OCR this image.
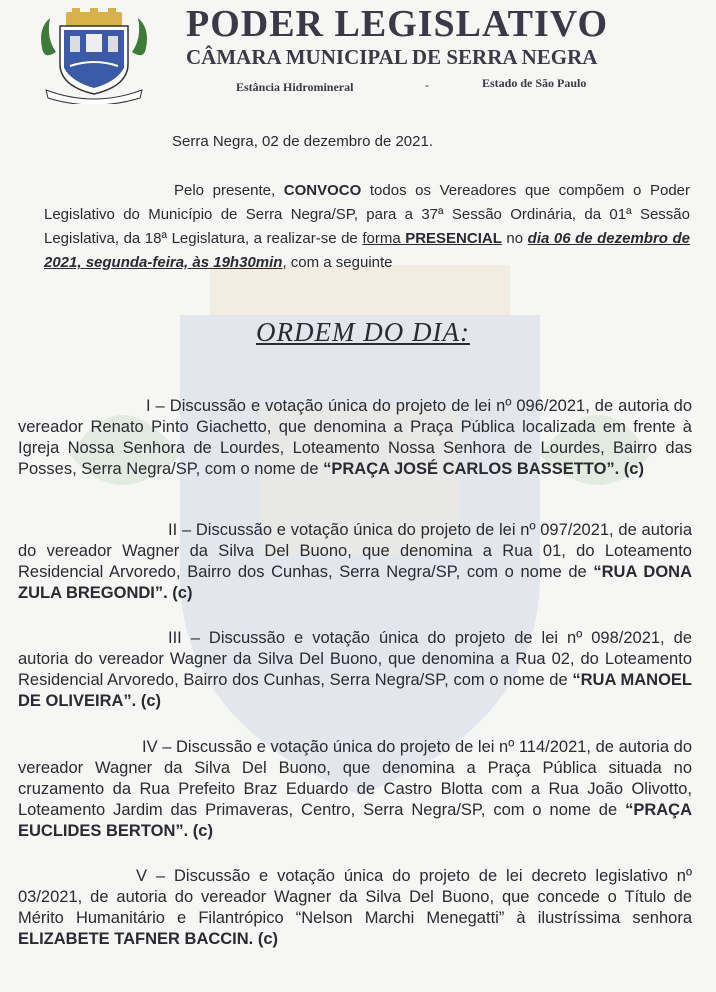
PODER LEGISLATIVO
CÂMARA MUNICIPAL DE SERRA NEGRA
Estância Hidromineral	-	Estado de São Paulo
Serra Negra, 02 de dezembro de 2021.
Pelo presente, CONVOCO todos os Vereadores que compõem o Poder Legislativo do Município de Serra Negra/SP, para a 37ª Sessão Ordinária, da 01ª Sessão Legislativa, da 18ª Legislatura, a realizar-se de forma PRESENCIAL no dia 06 de dezembro de 2021, segunda-feira, às 19h30min, com a seguinte
ORDEM DO DIA:
I – Discussão e votação única do projeto de lei nº 096/2021, de autoria do vereador Renato Pinto Giachetto, que denomina a Praça Pública localizada em frente à Igreja Nossa Senhora de Lourdes, Loteamento Nossa Senhora de Lourdes, Bairro das Posses, Serra Negra/SP, com o nome de “PRAÇA JOSÉ CARLOS BASSETTO”. (c)
II – Discussão e votação única do projeto de lei nº 097/2021, de autoria do vereador Wagner da Silva Del Buono, que denomina a Rua 01, do Loteamento Residencial Arvoredo, Bairro dos Cunhas, Serra Negra/SP, com o nome de “RUA DONA ZULA BREGONDI”. (c)
III – Discussão e votação única do projeto de lei nº 098/2021, de autoria do vereador Wagner da Silva Del Buono, que denomina a Rua 02, do Loteamento Residencial Arvoredo, Bairro dos Cunhas, Serra Negra/SP, com o nome de “RUA MANOEL DE OLIVEIRA”. (c)
IV – Discussão e votação única do projeto de lei nº 114/2021, de autoria do vereador Wagner da Silva Del Buono, que denomina a Praça Pública situada no cruzamento da Rua Prefeito Braz Eduardo de Castro Blotta com a Rua João Olivotto, Loteamento Jardim das Primaveras, Centro, Serra Negra/SP, com o nome de “PRAÇA EUCLIDES BERTON”. (c)
V – Discussão e votação única do projeto de lei decreto legislativo nº 03/2021, de autoria do vereador Wagner da Silva Del Buono, que concede o Título de Mérito Humanitário e Filantrópico “Nelson Marchi Menegatti” à ilustríssima senhora ELIZABETE TAFNER BACCIN. (c)
